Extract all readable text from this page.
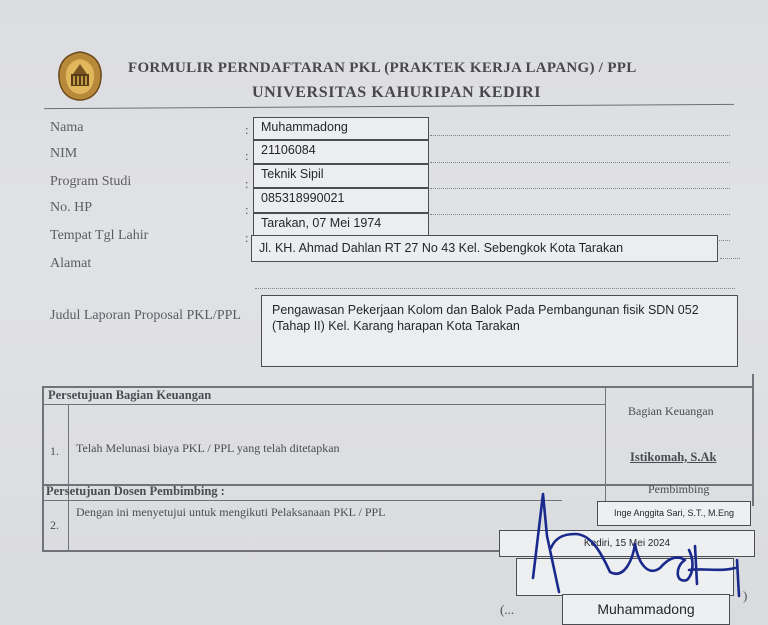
FORMULIR PERNDAFTARAN PKL (PRAKTEK KERJA LAPANG) / PPL
UNIVERSITAS KAHURIPAN KEDIRI
Nama
NIM
Program Studi
No. HP
Tempat Tgl Lahir
Alamat
Judul Laporan Proposal PKL/PPL
:
:
:
:
:
Muhammadong
21106084
Teknik Sipil
085318990021
Tarakan, 07 Mei 1974
Jl. KH. Ahmad Dahlan RT 27 No 43 Kel. Sebengkok Kota Tarakan
Pengawasan Pekerjaan Kolom dan Balok Pada Pembangunan fisik SDN 052 (Tahap II) Kel. Karang harapan Kota Tarakan
Persetujuan Bagian Keuangan
1. Telah Melunasi biaya PKL / PPL yang telah ditetapkan
Bagian Keuangan
Istikomah, S.Ak
Persetujuan Dosen Pembimbing :
2.
Dengan ini menyetujui untuk mengikuti Pelaksanaan PKL / PPL
Pembimbing
Inge Anggita Sari, S.T., M.Eng
Kediri, 15 Mei 2024
Muhammadong
(...
)
